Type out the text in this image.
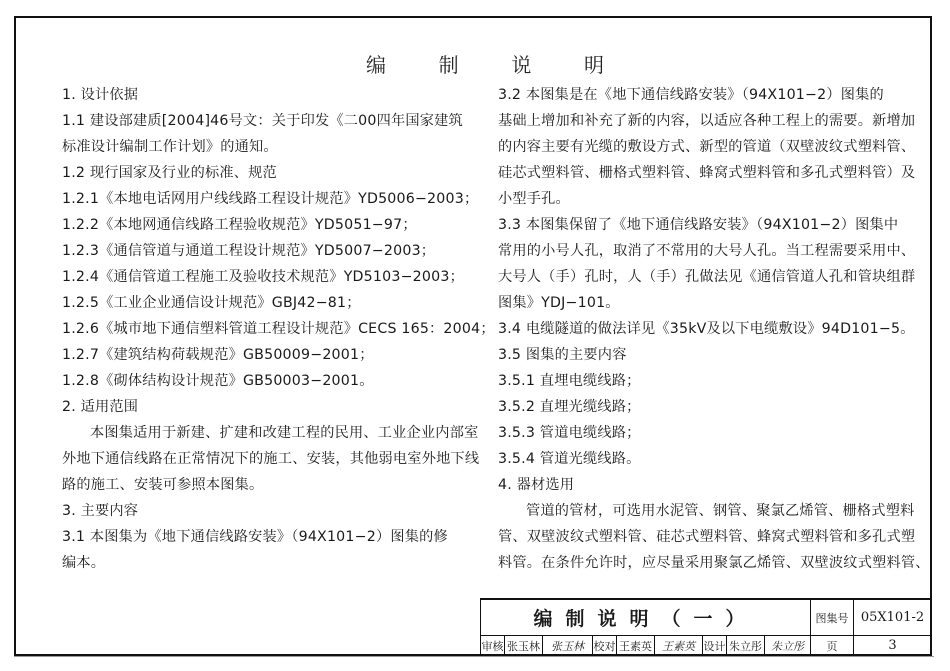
编	制	说	明
1. 设计依据
1.1 建设部建质[2004]46号文：关于印发《二00四年国家建筑
标准设计编制工作计划》的通知。
1.2 现行国家及行业的标准、规范
1.2.1《本地电话网用户线线路工程设计规范》YD5006−2003；
1.2.2《本地网通信线路工程验收规范》YD5051−97；
1.2.3《通信管道与通道工程设计规范》YD5007−2003；
1.2.4《通信管道工程施工及验收技术规范》YD5103−2003；
1.2.5《工业企业通信设计规范》GBJ42−81；
1.2.6《城市地下通信塑料管道工程设计规范》CECS 165：2004；
1.2.7《建筑结构荷载规范》GB50009−2001；
1.2.8《砌体结构设计规范》GB50003−2001。
2. 适用范围
本图集适用于新建、扩建和改建工程的民用、工业企业内部室
外地下通信线路在正常情况下的施工、安装，其他弱电室外地下线
路的施工、安装可参照本图集。
3. 主要内容
3.1 本图集为《地下通信线路安装》（94X101−2）图集的修
编本。
3.2 本图集是在《地下通信线路安装》（94X101−2）图集的
基础上增加和补充了新的内容，以适应各种工程上的需要。新增加
的内容主要有光缆的敷设方式、新型的管道（双壁波纹式塑料管、
硅芯式塑料管、栅格式塑料管、蜂窝式塑料管和多孔式塑料管）及
小型手孔。
3.3 本图集保留了《地下通信线路安装》（94X101−2）图集中
常用的小号人孔，取消了不常用的大号人孔。当工程需要采用中、
大号人（手）孔时，人（手）孔做法见《通信管道人孔和管块组群
图集》YDJ−101。
3.4 电缆隧道的做法详见《35kV及以下电缆敷设》94D101−5。
3.5 图集的主要内容
3.5.1 直埋电缆线路；
3.5.2 直埋光缆线路；
3.5.3 管道电缆线路；
3.5.4 管道光缆线路。
4. 器材选用
管道的管材，可选用水泥管、钢管、聚氯乙烯管、栅格式塑料
管、双壁波纹式塑料管、硅芯式塑料管、蜂窝式塑料管和多孔式塑
料管。在条件允许时，应尽量采用聚氯乙烯管、双壁波纹式塑料管、
编制说明（一）	图集号 05X101-2
审核 张玉林	张玉林 校对 王素英 王素英 设计 朱立彤 朱立彤	页	3
